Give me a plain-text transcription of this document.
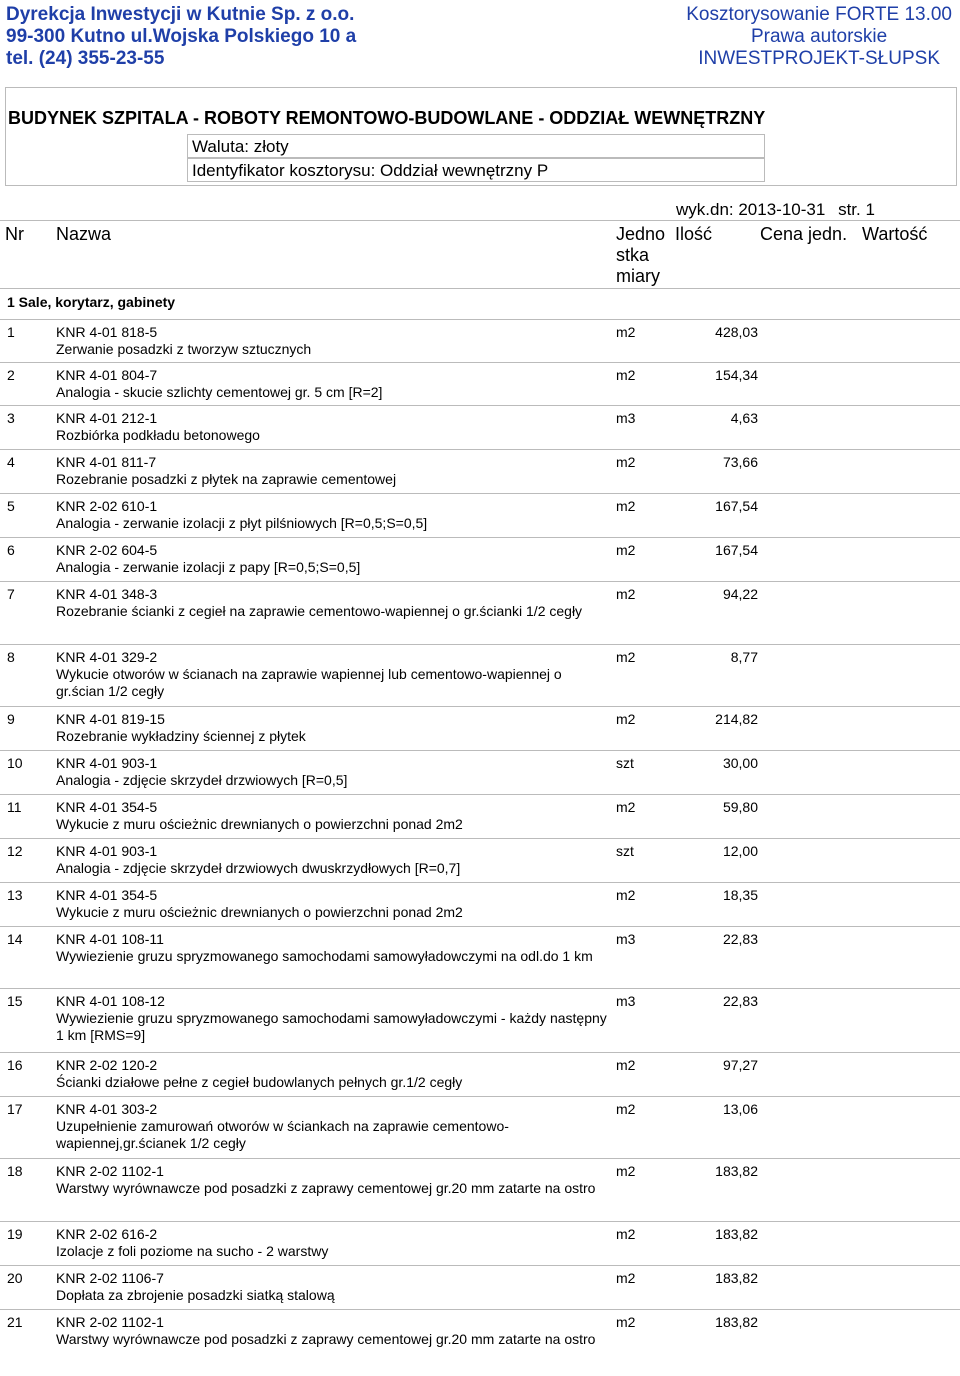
Dyrekcja Inwestycji w Kutnie Sp. z o.o.
99-300 Kutno ul.Wojska Polskiego 10 a
tel. (24) 355-23-55
Kosztorysowanie FORTE 13.00
Prawa autorskie
INWESTPROJEKT-SŁUPSK
BUDYNEK SZPITALA - ROBOTY REMONTOWO-BUDOWLANE - ODDZIAŁ WEWNĘTRZNY
Waluta: złoty
Identyfikator kosztorysu: Oddział wewnętrzny P
wyk.dn: 2013-10-31 str. 1
Nr Nazwa	Jedno
stka
miary
Ilość	Cena jedn. Wartość
1 Sale, korytarz, gabinety
1	KNR 4-01 818-5
Zerwanie posadzki z tworzyw sztucznych
m2	428,03
2	KNR 4-01 804-7
Analogia - skucie szlichty cementowej gr. 5 cm [R=2]
m2	154,34
3	KNR 4-01 212-1
Rozbiórka podkładu betonowego
m3	4,63
4	KNR 4-01 811-7
Rozebranie posadzki z płytek na zaprawie cementowej
m2	73,66
5	KNR 2-02 610-1
Analogia - zerwanie izolacji z płyt pilśniowych [R=0,5;S=0,5]
m2	167,54
6	KNR 2-02 604-5
Analogia - zerwanie izolacji z papy [R=0,5;S=0,5]
m2	167,54
7	KNR 4-01 348-3
Rozebranie ścianki z cegieł na zaprawie cementowo-wapiennej o gr.ścianki 1/2 cegły
m2	94,22
8	KNR 4-01 329-2
Wykucie otworów w ścianach na zaprawie wapiennej lub cementowo-wapiennej o gr.ścian 1/2 cegły
m2	8,77
9	KNR 4-01 819-15
Rozebranie wykładziny ściennej z płytek
m2	214,82
10 KNR 4-01 903-1
Analogia - zdjęcie skrzydeł drzwiowych [R=0,5]
szt	30,00
11 KNR 4-01 354-5
Wykucie z muru ościeżnic drewnianych o powierzchni ponad 2m2
m2	59,80
12 KNR 4-01 903-1
Analogia - zdjęcie skrzydeł drzwiowych dwuskrzydłowych [R=0,7]
szt	12,00
13 KNR 4-01 354-5
Wykucie z muru ościeżnic drewnianych o powierzchni ponad 2m2
m2	18,35
14 KNR 4-01 108-11
Wywiezienie gruzu spryzmowanego samochodami samowyładowczymi na odl.do 1 km
m3	22,83
15 KNR 4-01 108-12
Wywiezienie gruzu spryzmowanego samochodami samowyładowczymi - każdy następny 1 km [RMS=9]
m3	22,83
16 KNR 2-02 120-2
Ścianki działowe pełne z cegieł budowlanych pełnych gr.1/2 cegły
m2	97,27
17 KNR 4-01 303-2
Uzupełnienie zamurowań otworów w ściankach na zaprawie cementowo-wapiennej,gr.ścianek 1/2 cegły
m2	13,06
18 KNR 2-02 1102-1
Warstwy wyrównawcze pod posadzki z zaprawy cementowej gr.20 mm zatarte na ostro
m2	183,82
19 KNR 2-02 616-2
Izolacje z foli poziome na sucho - 2 warstwy
m2	183,82
20 KNR 2-02 1106-7
Dopłata za zbrojenie posadzki siatką stalową
m2	183,82
21 KNR 2-02 1102-1
Warstwy wyrównawcze pod posadzki z zaprawy cementowej gr.20 mm zatarte na ostro
m2	183,82
